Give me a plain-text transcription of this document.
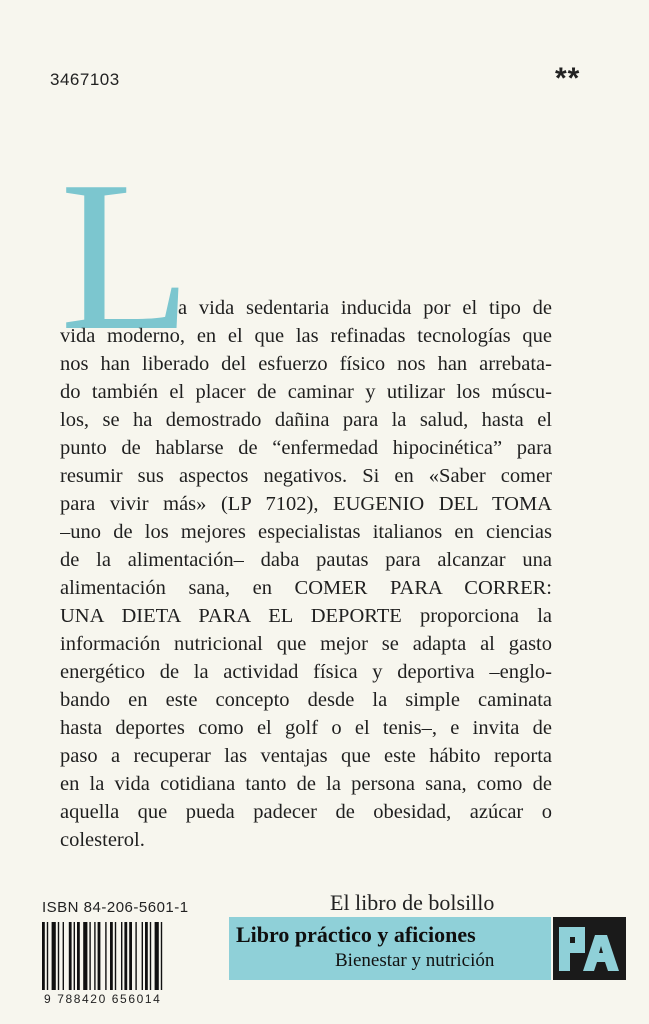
3467103	**
L
a vida sedentaria inducida por el tipo de
vida moderno, en el que las refinadas tecnologías que
nos han liberado del esfuerzo físico nos han arrebata-
do también el placer de caminar y utilizar los múscu-
los, se ha demostrado dañina para la salud, hasta el
punto de hablarse de “enfermedad hipocinética” para
resumir sus aspectos negativos. Si en «Saber comer
para vivir más» (LP 7102), EUGENIO DEL TOMA
–uno de los mejores especialistas italianos en ciencias
de la alimentación– daba pautas para alcanzar una
alimentación sana, en COMER PARA CORRER:
UNA DIETA PARA EL DEPORTE proporciona la
información nutricional que mejor se adapta al gasto
energético de la actividad física y deportiva –englo-
bando en este concepto desde la simple caminata
hasta deportes como el golf o el tenis–, e invita de
paso a recuperar las ventajas que este hábito reporta
en la vida cotidiana tanto de la persona sana, como de
aquella que pueda padecer de obesidad, azúcar o
colesterol.
ISBN 84-206-5601-1
9 788420 656014
El libro de bolsillo
Libro práctico y aficiones
Bienestar y nutrición
